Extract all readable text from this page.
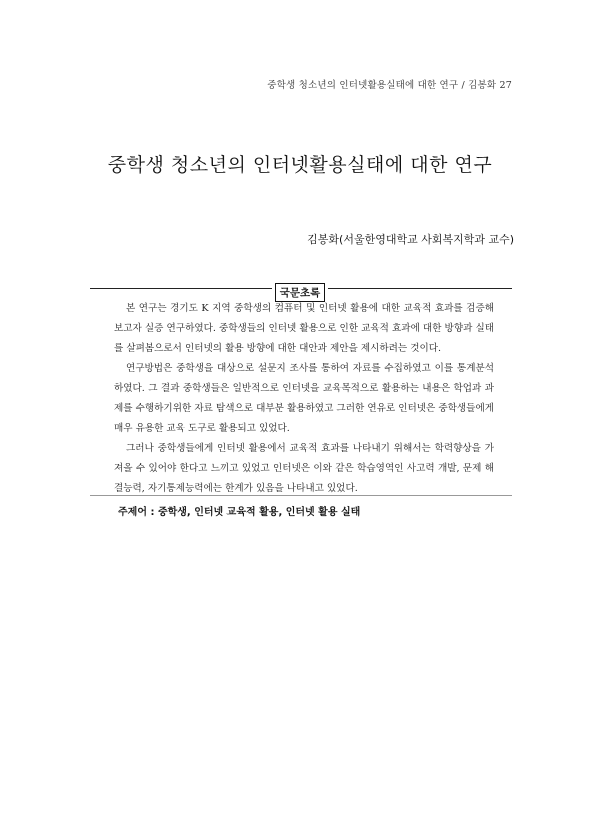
중학생 청소년의 인터넷활용실태에 대한 연구 / 김봉화 27
중학생 청소년의 인터넷활용실태에 대한 연구
김봉화(서울한영대학교 사회복지학과 교수)
국문초록

본 연구는 경기도 K 지역 중학생의 컴퓨터 및 인터넷 활용에 대한 교육적 효과를 검증해 보고자 실증 연구하였다. 중학생들의 인터넷 활용으로 인한 교육적 효과에 대한 방향과 실태를 살펴봄으로서 인터넷의 활용 방향에 대한 대안과 제안을 제시하려는 것이다.

연구방법은 중학생을 대상으로 설문지 조사를 통하여 자료를 수집하였고 이를 통계분석하였다. 그 결과 중학생들은 일반적으로 인터넷을 교육목적으로 활용하는 내용은 학업과 과제를 수행하기위한 자료 탐색으로 대부분 활용하였고 그러한 연유로 인터넷은 중학생들에게 매우 유용한 교육 도구로 활용되고 있었다.

그러나 중학생들에게 인터넷 활용에서 교육적 효과를 나타내기 위해서는 학력향상을 가져올 수 있어야 한다고 느끼고 있었고 인터넷은 이와 같은 학습영역인 사고력 개발, 문제 해결능력, 자기통제능력에는 한계가 있음을 나타내고 있었다.

주제어 : 중학생, 인터넷 교육적 활용, 인터넷 활용 실태
